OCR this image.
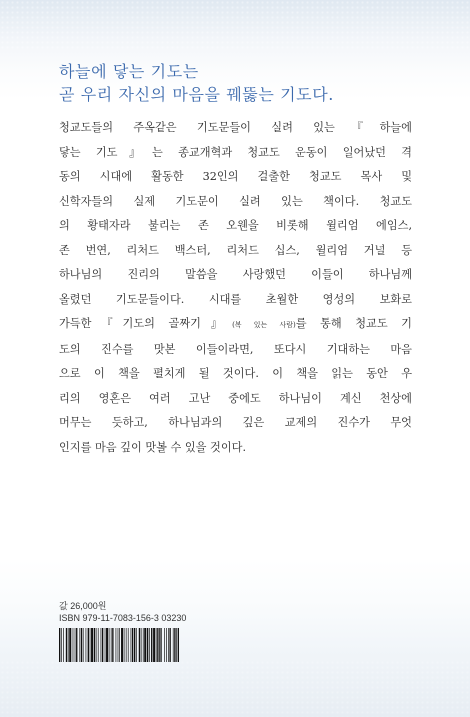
하늘에 닿는 기도는
곧 우리 자신의 마음을 꿰뚫는 기도다.

청교도들의 주옥같은 기도문들이 실려 있는『하늘에
닿는 기도』는 종교개혁과 청교도 운동이 일어났던 격
동의 시대에 활동한 32인의 걸출한 청교도 목사 및
신학자들의 실제 기도문이 실려 있는 책이다. 청교도
의 황태자라 불리는 존 오웬을 비롯해 윌리엄 에임스,
존 번연, 리처드 백스터, 리처드 십스, 윌리엄 거널 등
하나님의 진리의 말씀을 사랑했던 이들이 하나님께
올렸던 기도문들이다. 시대를 초월한 영성의 보화로
가득한『기도의 골짜기』(복 있는 사람)를 통해 청교도 기
도의 진수를 맛본 이들이라면, 또다시 기대하는 마음
으로 이 책을 펼치게 될 것이다. 이 책을 읽는 동안 우
리의 영혼은 여러 고난 중에도 하나님이 계신 천상에
머무는 듯하고, 하나님과의 깊은 교제의 진수가 무엇
인지를 마음 깊이 맛볼 수 있을 것이다.

값 26,000원
ISBN 979-11-7083-156-3 03230
